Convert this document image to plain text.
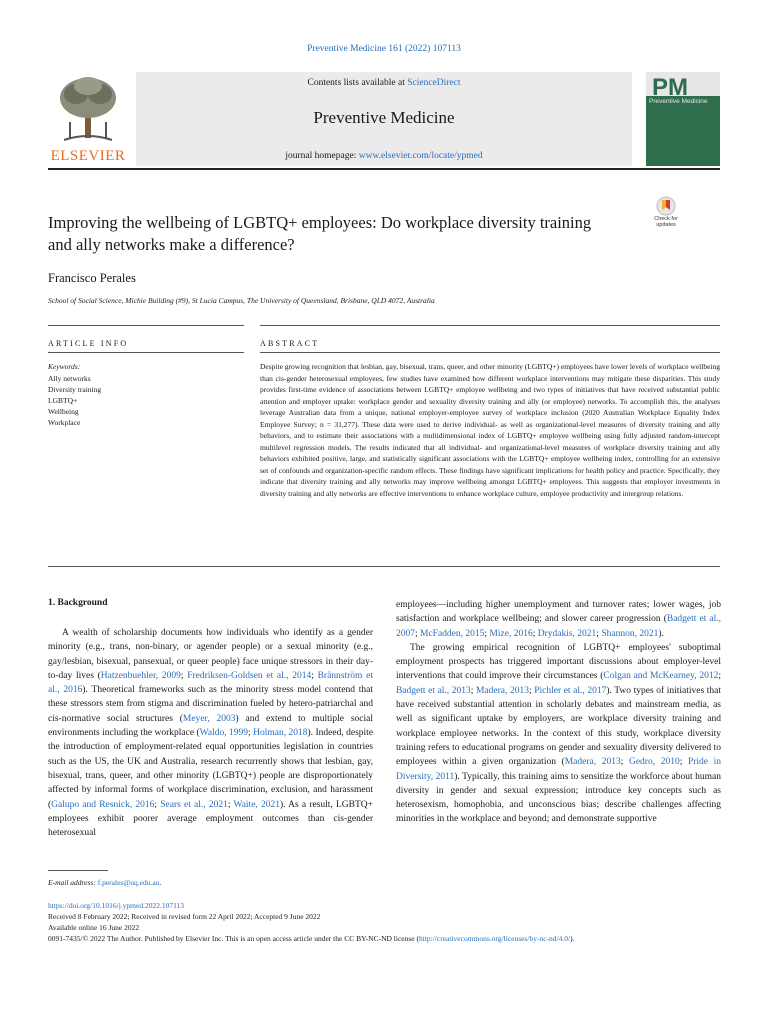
Preventive Medicine 161 (2022) 107113
ELSEVIER
Contents lists available at ScienceDirect
Preventive Medicine
journal homepage: www.elsevier.com/locate/ypmed
PM
Preventive Medicine
Improving the wellbeing of LGBTQ+ employees: Do workplace diversity training and ally networks make a difference?
Check for updates
Francisco Perales
School of Social Science, Michie Building (#9), St Lucia Campus, The University of Queensland, Brisbane, QLD 4072, Australia
ARTICLE INFO	ABSTRACT
Keywords:
Ally networks
Diversity training
LGBTQ+
Wellbeing
Workplace
Despite growing recognition that lesbian, gay, bisexual, trans, queer, and other minority (LGBTQ+) employees have lower levels of workplace wellbeing than cis-gender heterosexual employees, few studies have examined how different workplace interventions may mitigate these disparities. This study provides first-time evidence of associations between LGBTQ+ employee wellbeing and two types of initiatives that have received substantial public attention and employer uptake: workplace gender and sexuality diversity training and ally (or employee) networks. To accomplish this, the analyses leverage Australian data from a unique, national employer-employee survey of workplace inclusion (2020 Australian Workplace Equality Index Employee Survey; n = 31,277). These data were used to derive individual- as well as organizational-level measures of diversity training and ally behaviors, and to estimate their associations with a multidimensional index of LGBTQ+ employee wellbeing using fully adjusted random-intercept multilevel regression models. The results indicated that all individual- and organizational-level measures of workplace diversity training and ally behaviors exhibited positive, large, and statistically significant associations with the LGBTQ+ employee wellbeing index, controlling for an extensive set of confounds and organization-specific random effects. These findings have significant implications for health policy and practice. Specifically, they indicate that diversity training and ally networks may improve wellbeing amongst LGBTQ+ employees. This suggests that employer investments in diversity training and ally networks are effective interventions to enhance workplace culture, employee productivity and intergroup relations.
1. Background

A wealth of scholarship documents how individuals who identify as a gender minority (e.g., trans, non-binary, or agender people) or a sexual minority (e.g., gay/lesbian, bisexual, pansexual, or queer people) face unique stressors in their day-to-day lives (Hatzenbuehler, 2009; Fredriksen-Goldsen et al., 2014; Brännström et al., 2016). Theoretical frameworks such as the minority stress model contend that these stressors stem from stigma and discrimination fueled by hetero-patriarchal and cis-normative social structures (Meyer, 2003) and extend to multiple social environments including the workplace (Waldo, 1999; Holman, 2018). Indeed, despite the introduction of employment-related equal opportunities legislation in countries such as the US, the UK and Australia, research recurrently shows that lesbian, gay, bisexual, trans, queer, and other minority (LGBTQ+) people are disproportionately affected by informal forms of workplace discrimination, exclusion, and harassment (Galupo and Resnick, 2016; Sears et al., 2021; Waite, 2021). As a result, LGBTQ+ employees exhibit poorer average employment outcomes than cis-gender heterosexual

employees—including higher unemployment and turnover rates; lower wages, job satisfaction and workplace wellbeing; and slower career progression (Badgett et al., 2007; McFadden, 2015; Mize, 2016; Drydakis, 2021; Shannon, 2021).

The growing empirical recognition of LGBTQ+ employees' suboptimal employment prospects has triggered important discussions about employer-level interventions that could improve their circumstances (Colgan and McKearney, 2012; Badgett et al., 2013; Madera, 2013; Pichler et al., 2017). Two types of initiatives that have received substantial attention in scholarly debates and mainstream media, as well as significant uptake by employers, are workplace diversity training and workplace employee networks. In the context of this study, workplace diversity training refers to educational programs on gender and sexuality diversity delivered to employees within a given organization (Madera, 2013; Gedro, 2010; Pride in Diversity, 2011). Typically, this training aims to sensitize the workforce about human diversity in gender and sexual expression; introduce key concepts such as heterosexism, homophobia, and unconscious bias; describe challenges affecting minorities in the workplace and beyond; and demonstrate supportive

E-mail address: f.perales@uq.edu.au.
https://doi.org/10.1016/j.ypmed.2022.107113
Received 8 February 2022; Received in revised form 22 April 2022; Accepted 9 June 2022
Available online 16 June 2022
0091-7435/© 2022 The Author. Published by Elsevier Inc. This is an open access article under the CC BY-NC-ND license (http://creativecommons.org/licenses/by-nc-nd/4.0/).
